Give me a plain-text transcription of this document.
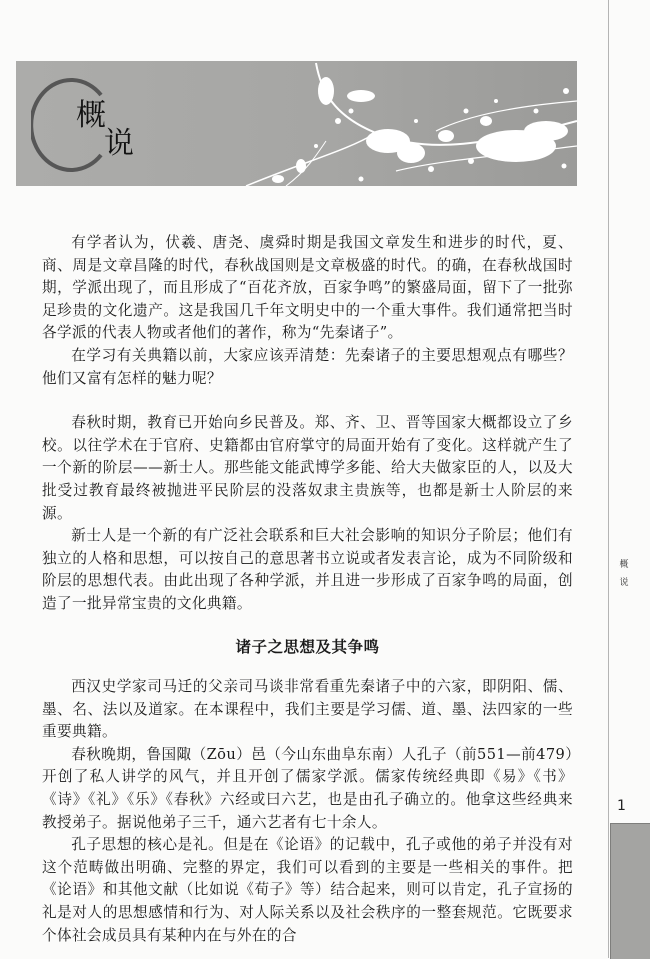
概
说

有学者认为，伏羲、唐尧、虞舜时期是我国文章发生和进步的时代，夏、商、周是文章昌隆的时代，春秋战国则是文章极盛的时代。的确，在春秋战国时期，学派出现了，而且形成了“百花齐放，百家争鸣”的繁盛局面，留下了一批弥足珍贵的文化遗产。这是我国几千年文明史中的一个重大事件。我们通常把当时各学派的代表人物或者他们的著作，称为“先秦诸子”。

在学习有关典籍以前，大家应该弄清楚：先秦诸子的主要思想观点有哪些？他们又富有怎样的魅力呢？

春秋时期，教育已开始向乡民普及。郑、齐、卫、晋等国家大概都设立了乡校。以往学术在于官府、史籍都由官府掌守的局面开始有了变化。这样就产生了一个新的阶层——新士人。那些能文能武博学多能、给大夫做家臣的人，以及大批受过教育最终被抛进平民阶层的没落奴隶主贵族等，也都是新士人阶层的来源。

新士人是一个新的有广泛社会联系和巨大社会影响的知识分子阶层；他们有独立的人格和思想，可以按自己的意思著书立说或者发表言论，成为不同阶级和阶层的思想代表。由此出现了各种学派，并且进一步形成了百家争鸣的局面，创造了一批异常宝贵的文化典籍。

诸子之思想及其争鸣

西汉史学家司马迁的父亲司马谈非常看重先秦诸子中的六家，即阴阳、儒、墨、名、法以及道家。在本课程中，我们主要是学习儒、道、墨、法四家的一些重要典籍。

春秋晚期，鲁国陬（Zōu）邑（今山东曲阜东南）人孔子（前551—前479）开创了私人讲学的风气，并且开创了儒家学派。儒家传统经典即《易》《书》《诗》《礼》《乐》《春秋》六经或曰六艺，也是由孔子确立的。他拿这些经典来教授弟子。据说他弟子三千，通六艺者有七十余人。

孔子思想的核心是礼。但是在《论语》的记载中，孔子或他的弟子并没有对这个范畴做出明确、完整的界定，我们可以看到的主要是一些相关的事件。把《论语》和其他文献（比如说《荀子》等）结合起来，则可以肯定，孔子宣扬的礼是对人的思想感情和行为、对人际关系以及社会秩序的一整套规范。它既要求个体社会成员具有某种内在与外在的合

概
说
1
